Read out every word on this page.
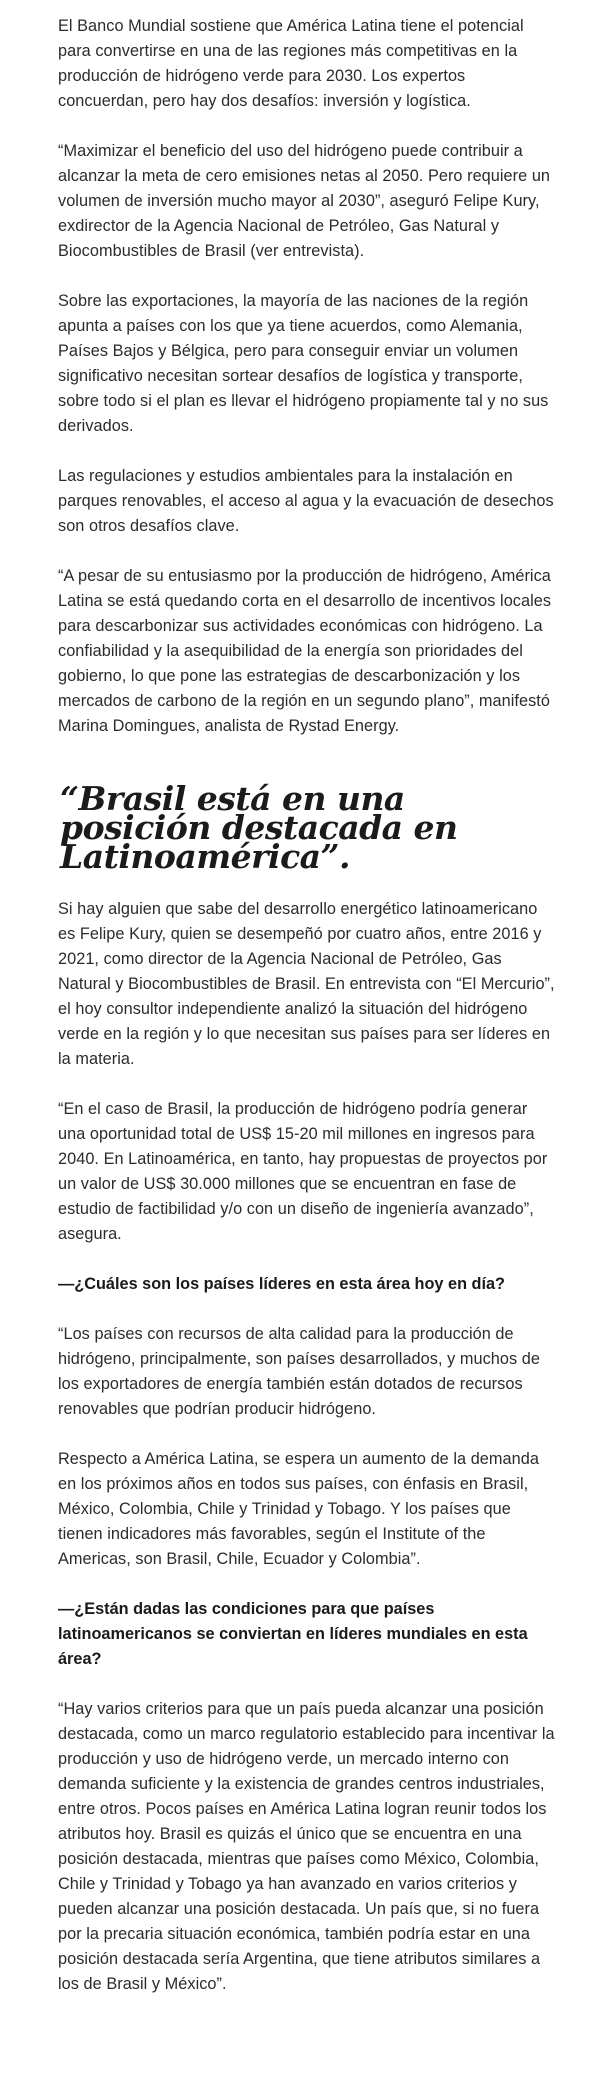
El Banco Mundial sostiene que América Latina tiene el potencial para convertirse en una de las regiones más competitivas en la producción de hidrógeno verde para 2030. Los expertos concuerdan, pero hay dos desafíos: inversión y logística.

“Maximizar el beneficio del uso del hidrógeno puede contribuir a alcanzar la meta de cero emisiones netas al 2050. Pero requiere un volumen de inversión mucho mayor al 2030”, aseguró Felipe Kury, exdirector de la Agencia Nacional de Petróleo, Gas Natural y Biocombustibles de Brasil (ver entrevista).

Sobre las exportaciones, la mayoría de las naciones de la región apunta a países con los que ya tiene acuerdos, como Alemania, Países Bajos y Bélgica, pero para conseguir enviar un volumen significativo necesitan sortear desafíos de logística y transporte, sobre todo si el plan es llevar el hidrógeno propiamente tal y no sus derivados.

Las regulaciones y estudios ambientales para la instalación en parques renovables, el acceso al agua y la evacuación de desechos son otros desafíos clave.

“A pesar de su entusiasmo por la producción de hidrógeno, América Latina se está quedando corta en el desarrollo de incentivos locales para descarbonizar sus actividades económicas con hidrógeno. La confiabilidad y la asequibilidad de la energía son prioridades del gobierno, lo que pone las estrategias de descarbonización y los mercados de carbono de la región en un segundo plano”, manifestó Marina Domingues, analista de Rystad Energy.

“Brasil está en una posición destacada en Latinoamérica”.

Si hay alguien que sabe del desarrollo energético latinoamericano es Felipe Kury, quien se desempeñó por cuatro años, entre 2016 y 2021, como director de la Agencia Nacional de Petróleo, Gas Natural y Biocombustibles de Brasil. En entrevista con “El Mercurio”, el hoy consultor independiente analizó la situación del hidrógeno verde en la región y lo que necesitan sus países para ser líderes en la materia.

“En el caso de Brasil, la producción de hidrógeno podría generar una oportunidad total de US$ 15-20 mil millones en ingresos para 2040. En Latinoamérica, en tanto, hay propuestas de proyectos por un valor de US$ 30.000 millones que se encuentran en fase de estudio de factibilidad y/o con un diseño de ingeniería avanzado”, asegura.

—¿Cuáles son los países líderes en esta área hoy en día?

“Los países con recursos de alta calidad para la producción de hidrógeno, principalmente, son países desarrollados, y muchos de los exportadores de energía también están dotados de recursos renovables que podrían producir hidrógeno.

Respecto a América Latina, se espera un aumento de la demanda en los próximos años en todos sus países, con énfasis en Brasil, México, Colombia, Chile y Trinidad y Tobago. Y los países que tienen indicadores más favorables, según el Institute of the Americas, son Brasil, Chile, Ecuador y Colombia”.

—¿Están dadas las condiciones para que países latinoamericanos se conviertan en líderes mundiales en esta área?

“Hay varios criterios para que un país pueda alcanzar una posición destacada, como un marco regulatorio establecido para incentivar la producción y uso de hidrógeno verde, un mercado interno con demanda suficiente y la existencia de grandes centros industriales, entre otros. Pocos países en América Latina logran reunir todos los atributos hoy. Brasil es quizás el único que se encuentra en una posición destacada, mientras que países como México, Colombia, Chile y Trinidad y Tobago ya han avanzado en varios criterios y pueden alcanzar una posición destacada. Un país que, si no fuera por la precaria situación económica, también podría estar en una posición destacada sería Argentina, que tiene atributos similares a los de Brasil y México”.
